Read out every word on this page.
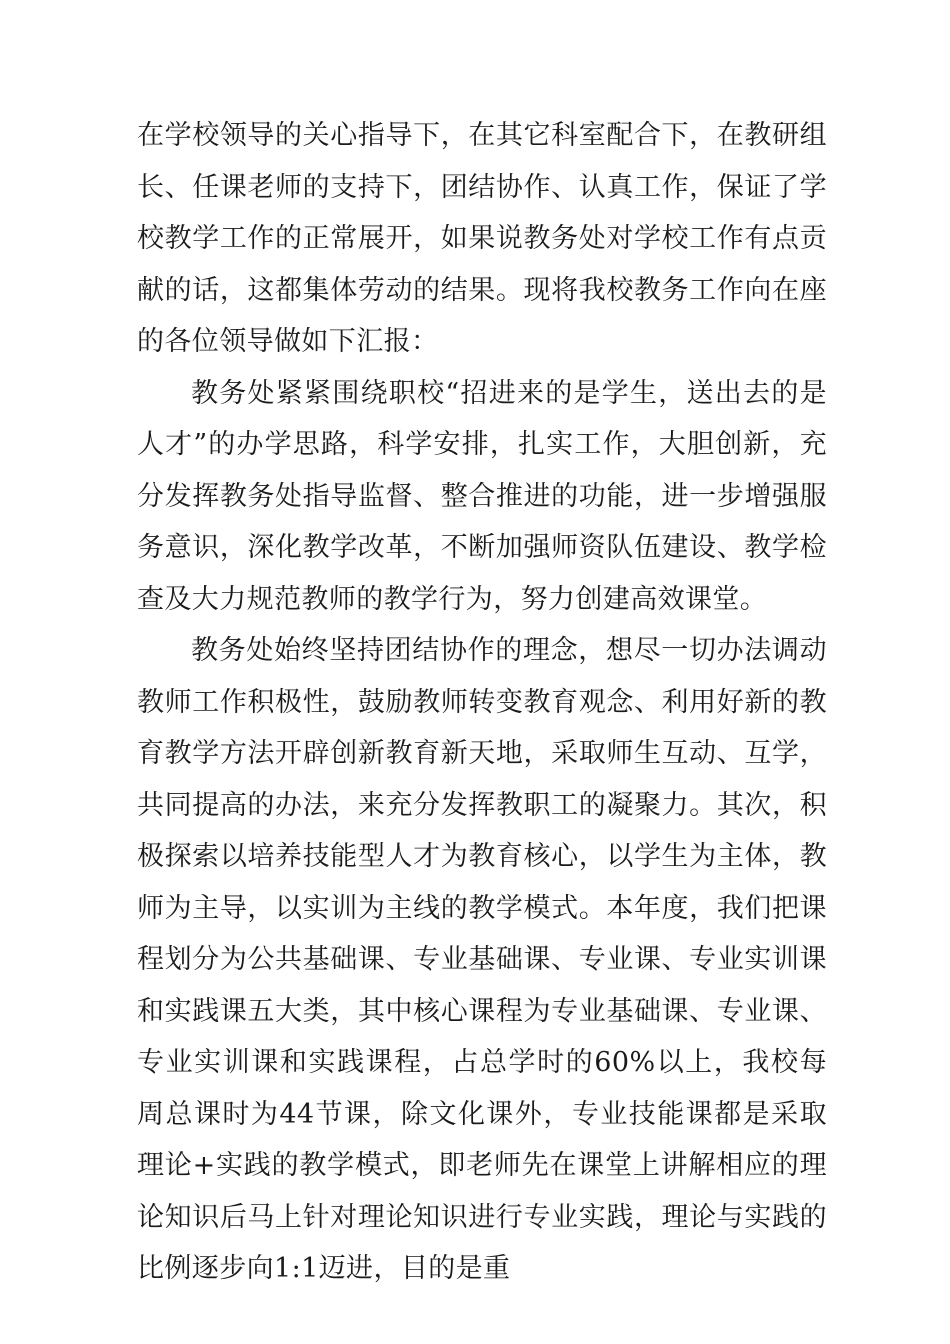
在学校领导的关心指导下，在其它科室配合下，在教研组长、任课老师的支持下，团结协作、认真工作，保证了学校教学工作的正常展开，如果说教务处对学校工作有点贡献的话，这都集体劳动的结果。现将我校教务工作向在座的各位领导做如下汇报：

教务处紧紧围绕职校“招进来的是学生，送出去的是人才”的办学思路，科学安排，扎实工作，大胆创新，充分发挥教务处指导监督、整合推进的功能，进一步增强服务意识，深化教学改革，不断加强师资队伍建设、教学检查及大力规范教师的教学行为，努力创建高效课堂。

教务处始终坚持团结协作的理念，想尽一切办法调动教师工作积极性，鼓励教师转变教育观念、利用好新的教育教学方法开辟创新教育新天地，采取师生互动、互学，共同提高的办法，来充分发挥教职工的凝聚力。其次，积极探索以培养技能型人才为教育核心，以学生为主体，教师为主导，以实训为主线的教学模式。本年度，我们把课程划分为公共基础课、专业基础课、专业课、专业实训课和实践课五大类，其中核心课程为专业基础课、专业课、专业实训课和实践课程，占总学时的60%以上，我校每周总课时为44节课，除文化课外，专业技能课都是采取理论+实践的教学模式，即老师先在课堂上讲解相应的理论知识后马上针对理论知识进行专业实践，理论与实践的比例逐步向1:1迈进，目的是重
